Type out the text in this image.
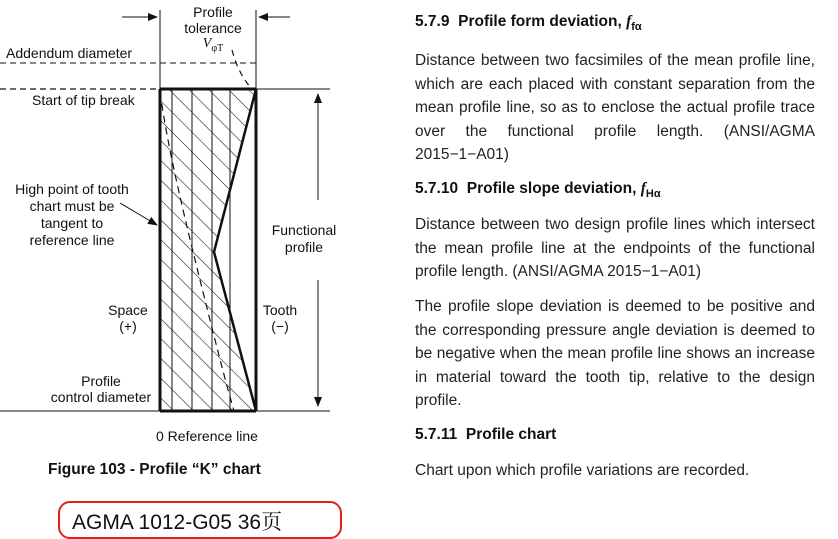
Profile
tolerance
$V_{\varphi T}$
Addendum diameter
Start of tip break
High point of tooth
chart must be
tangent to
reference line
Space
(+)
Functional
profile
Tooth
(−)
Profile
control diameter
0 Reference line
Figure 103 - Profile “K” chart
AGMA 1012-G05 36页
5.7.9 Profile form deviation, $f_{f\alpha}$
Distance between two facsimiles of the mean profile line, which are each placed with constant separation from the mean profile line, so as to enclose the actual profile trace over the functional profile length. (ANSI/AGMA 2015−1−A01)
5.7.10 Profile slope deviation, $f_{H\alpha}$
Distance between two design profile lines which intersect the mean profile line at the endpoints of the functional profile length. (ANSI/AGMA 2015−1−A01)
The profile slope deviation is deemed to be positive and the corresponding pressure angle deviation is deemed to be negative when the mean profile line shows an increase in material toward the tooth tip, relative to the design profile.
5.7.11 Profile chart
Chart upon which profile variations are recorded.
